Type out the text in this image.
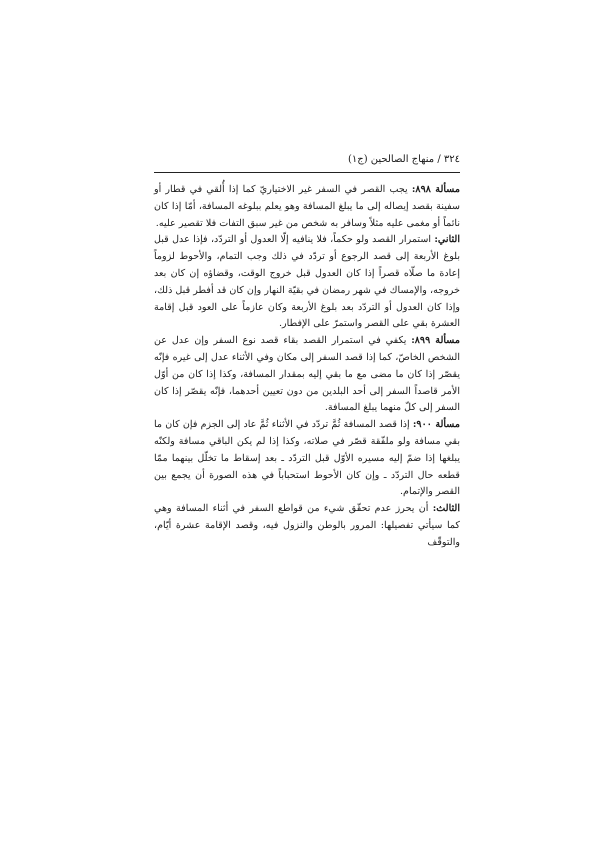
٣٢٤ / منهاج الصالحين (ج١)

مسألة ٨٩٨: يجب القصر في السفر غير الاختياريّ كما إذا أُلقي في قطار أو سفينة بقصد إيصاله إلى ما يبلغ المسافة وهو يعلم ببلوغه المسافة، أمّا إذا كان نائماً أو مغمى عليه مثلاً وسافر به شخص من غير سبق التفات فلا تقصير عليه.

الثاني: استمرار القصد ولو حكماً، فلا ينافيه إلّا العدول أو التردّد، فإذا عدل قبل بلوغ الأربعة إلى قصد الرجوع أو تردّد في ذلك وجب التمام، والأحوط لزوماً إعادة ما صلّاه قصراً إذا كان العدول قبل خروج الوقت، وقضاؤه إن كان بعد خروجه، والإمساك في شهر رمضان في بقيّة النهار وإن كان قد أفطر قبل ذلك، وإذا كان العدول أو التردّد بعد بلوغ الأربعة وكان عازماً على العود قبل إقامة العشرة بقي على القصر واستمرّ على الإفطار.

مسألة ٨٩٩: يكفي في استمرار القصد بقاء قصد نوع السفر وإن عدل عن الشخص الخاصّ، كما إذا قصد السفر إلى مكان وفي الأثناء عدل إلى غيره فإنّه يقصّر إذا كان ما مضى مع ما بقي إليه بمقدار المسافة، وكذا إذا كان من أوّل الأمر قاصداً السفر إلى أحد البلدين من دون تعيين أحدهما، فإنّه يقصّر إذا كان السفر إلى كلّ منهما يبلغ المسافة.

مسألة ٩٠٠: إذا قصد المسافة ثُمَّ تردّد في الأثناء ثُمَّ عاد إلى الجزم فإن كان ما بقي مسافة ولو ملفّقة قصّر في صلاته، وكذا إذا لم يكن الباقي مسافة ولكنّه يبلغها إذا ضمّ إليه مسيره الأوّل قبل التردّد ـ بعد إسقاط ما تخلّل بينهما ممّا قطعه حال التردّد ـ وإن كان الأحوط استحباباً في هذه الصورة أن يجمع بين القصر والإتمام.

الثالث: أن يحرز عدم تحقّق شيء من قواطع السفر في أثناء المسافة وهي كما سيأتي تفصيلها: المرور بالوطن والنزول فيه، وقصد الإقامة عشرة أيّام، والتوقّف
